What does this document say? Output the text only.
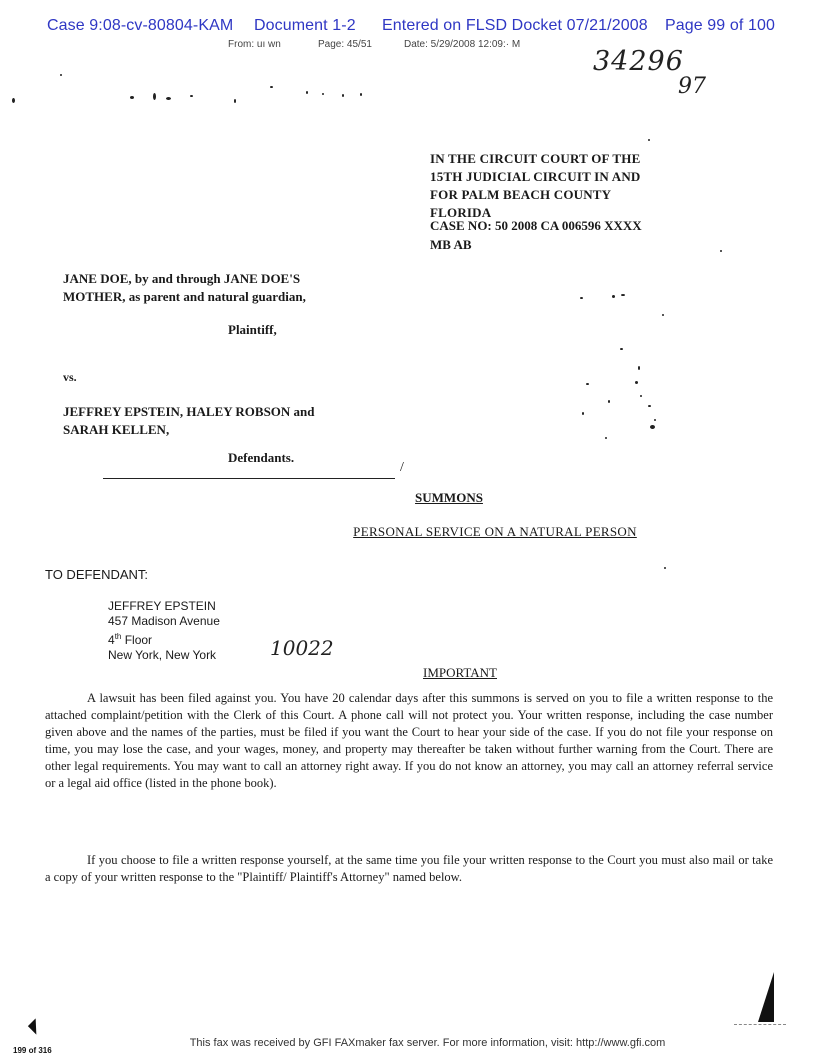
Case 9:08-cv-80804-KAM Document 1-2 Entered on FLSD Docket 07/21/2008 Page 99 of 100
From: uı wn	Page: 45/51	Date: 5/29/2008 12:09:· M
34296
97
IN THE CIRCUIT COURT OF THE
15TH JUDICIAL CIRCUIT IN AND
FOR PALM BEACH COUNTY
FLORIDA
CASE NO: 50 2008 CA 006596 XXXX
MB AB
JANE DOE, by and through JANE DOE'S
MOTHER, as parent and natural guardian,
Plaintiff,
vs.
JEFFREY EPSTEIN, HALEY ROBSON and
SARAH KELLEN,
Defendants.
/
SUMMONS
PERSONAL SERVICE ON A NATURAL PERSON
TO DEFENDANT:
JEFFREY EPSTEIN
457 Madison Avenue
4th Floor
New York, New York	10022
IMPORTANT

A lawsuit has been filed against you. You have 20 calendar days after this summons is served on you to file a written response to the attached complaint/petition with the Clerk of this Court. A phone call will not protect you. Your written response, including the case number given above and the names of the parties, must be filed if you want the Court to hear your side of the case. If you do not file your response on time, you may lose the case, and your wages, money, and property may thereafter be taken without further warning from the Court. There are other legal requirements. You may want to call an attorney right away. If you do not know an attorney, you may call an attorney referral service or a legal aid office (listed in the phone book).

If you choose to file a written response yourself, at the same time you file your written response to the Court you must also mail or take a copy of your written response to the "Plaintiff/ Plaintiff's Attorney" named below.

This fax was received by GFI FAXmaker fax server. For more information, visit: http://www.gfi.com
199 of 316
